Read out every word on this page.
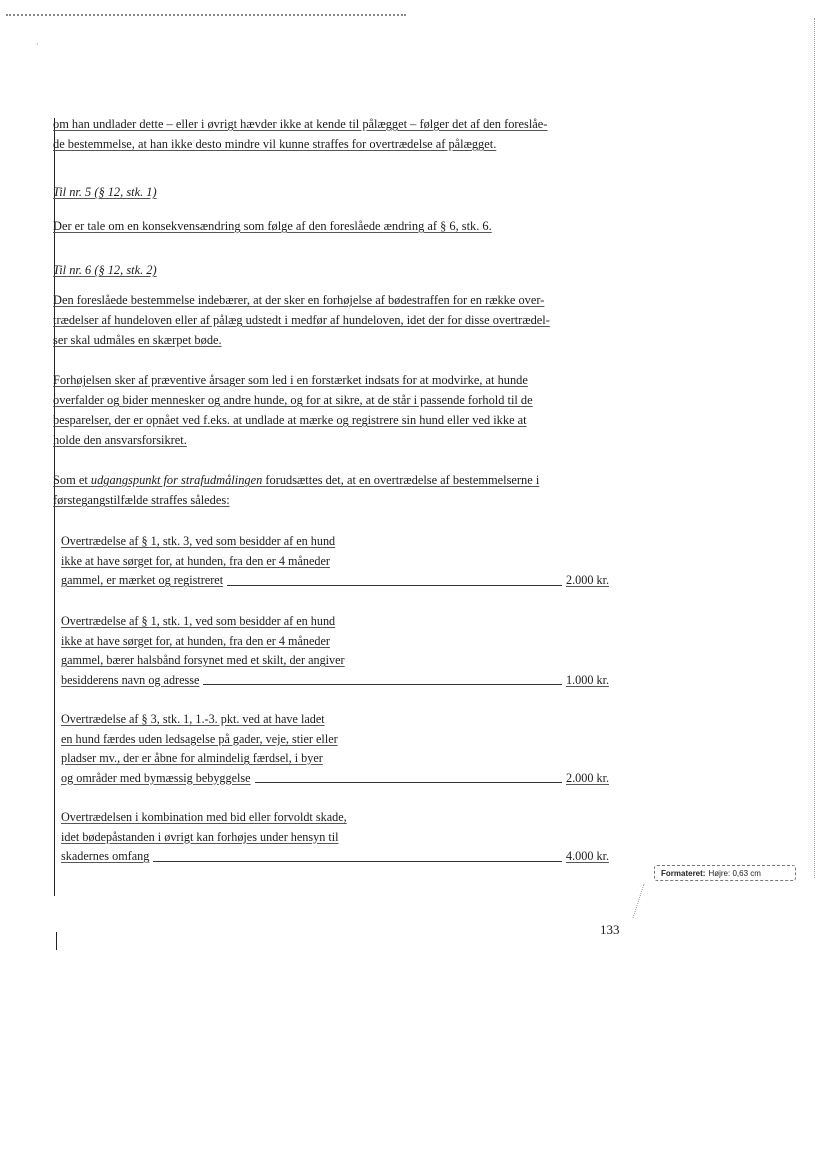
·

om han undlader dette – eller i øvrigt hævder ikke at kende til pålægget – følger det af den foreslåe-
de bestemmelse, at han ikke desto mindre vil kunne straffes for overtrædelse af pålægget.

Til nr. 5 (§ 12, stk. 1)

Der er tale om en konsekvensændring som følge af den foreslåede ændring af § 6, stk. 6.

Til nr. 6 (§ 12, stk. 2)

Den foreslåede bestemmelse indebærer, at der sker en forhøjelse af bødestraffen for en række over-
trædelser af hundeloven eller af pålæg udstedt i medfør af hundeloven, idet der for disse overtrædel-
ser skal udmåles en skærpet bøde.

Forhøjelsen sker af præventive årsager som led i en forstærket indsats for at modvirke, at hunde
overfalder og bider mennesker og andre hunde, og for at sikre, at de står i passende forhold til de
besparelser, der er opnået ved f.eks. at undlade at mærke og registrere sin hund eller ved ikke at
holde den ansvarsforsikret.

Som et udgangspunkt for strafudmålingen forudsættes det, at en overtrædelse af bestemmelserne i
førstegangstilfælde straffes således:

Overtrædelse af § 1, stk. 3, ved som besidder af en hund
ikke at have sørget for, at hunden, fra den er 4 måneder
gammel, er mærket og registreret	2.000 kr.
Overtrædelse af § 1, stk. 1, ved som besidder af en hund
ikke at have sørget for, at hunden, fra den er 4 måneder
gammel, bærer halsbånd forsynet med et skilt, der angiver
besidderens navn og adresse	1.000 kr.
Overtrædelse af § 3, stk. 1, 1.-3. pkt. ved at have ladet
en hund færdes uden ledsagelse på gader, veje, stier eller
pladser mv., der er åbne for almindelig færdsel, i byer
og områder med bymæssig bebyggelse	2.000 kr.
Overtrædelsen i kombination med bid eller forvoldt skade,
idet bødepåstanden i øvrigt kan forhøjes under hensyn til
skadernes omfang	4.000 kr.
Formateret: Højre: 0,63 cm
133
